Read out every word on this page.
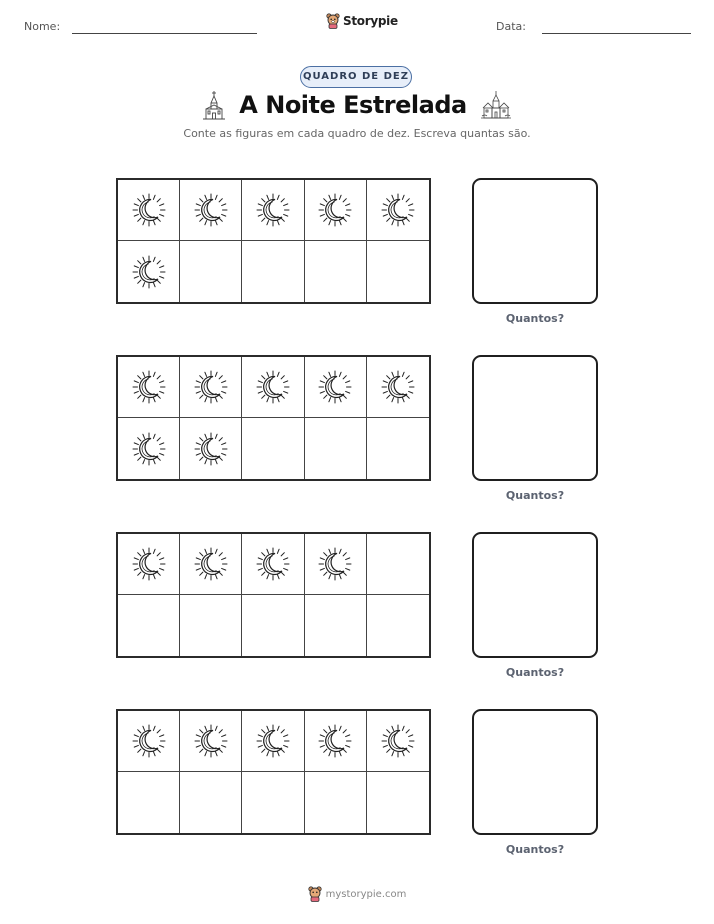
Nome:	Storypie	Data:
QUADRO DE DEZ
A Noite Estrelada
Conte as figuras em cada quadro de dez. Escreva quantas são.
Quantos?
Quantos?
Quantos?
Quantos?
mystorypie.com
